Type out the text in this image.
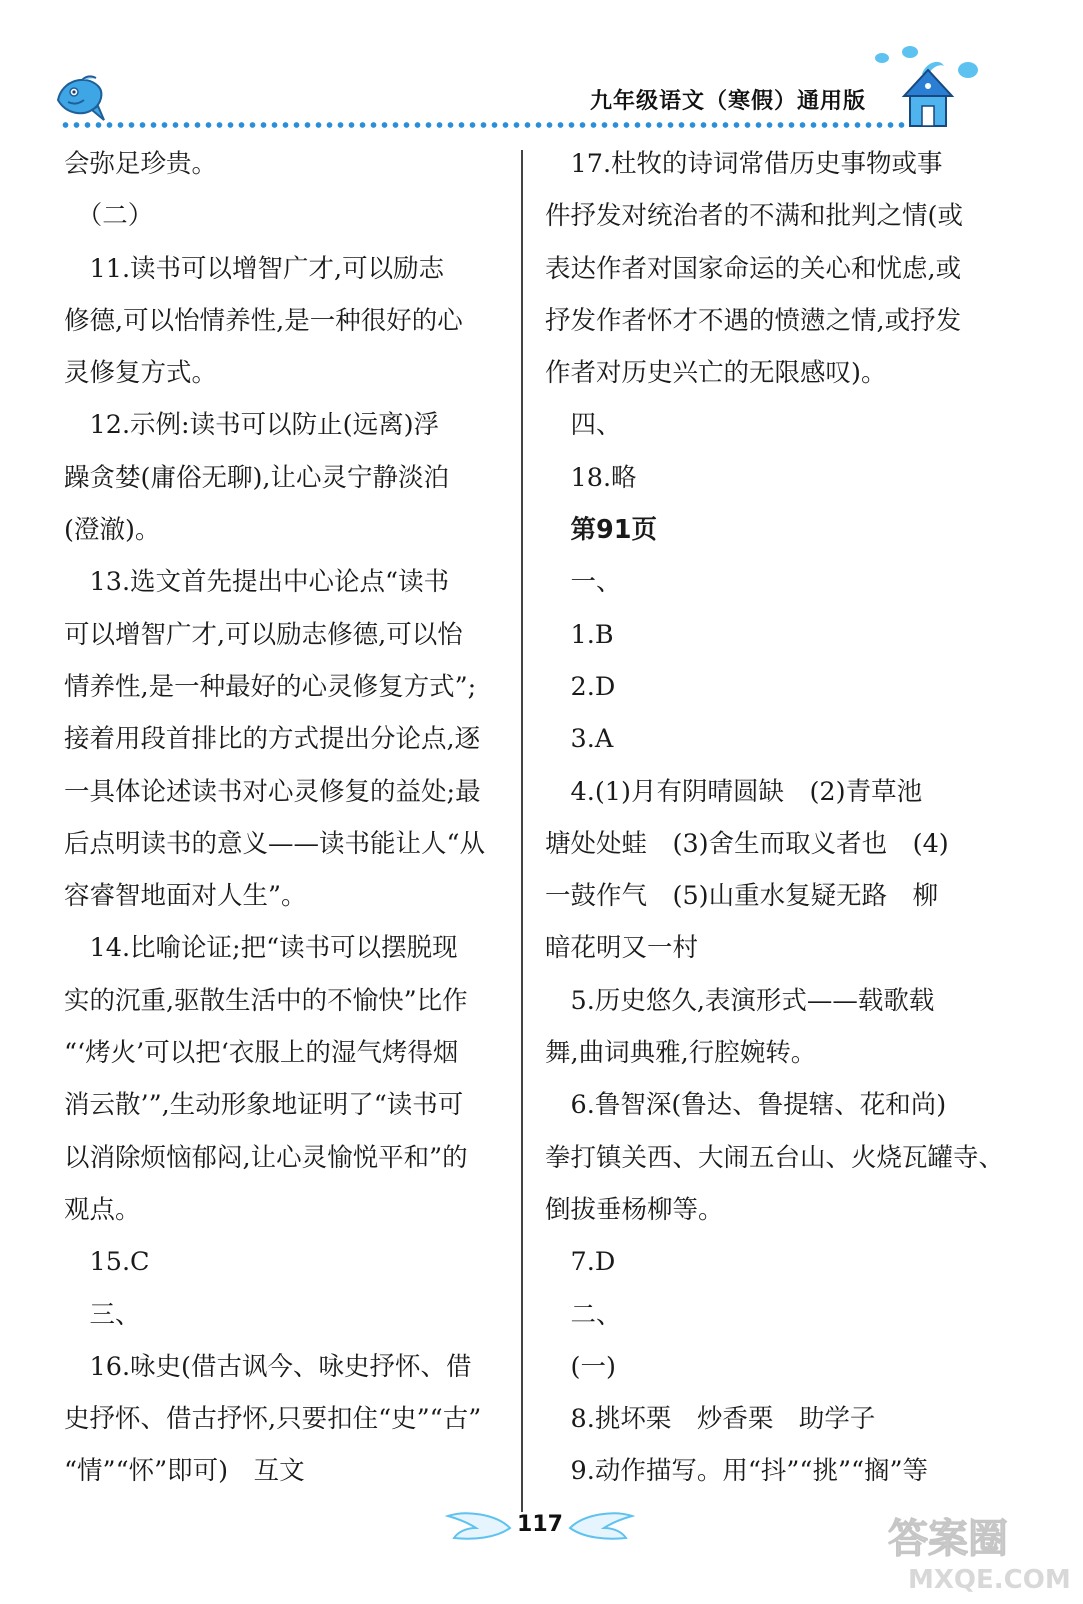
九年级语文（寒假）通用版
会弥足珍贵。
　（二）
　11.读书可以增智广才,可以励志
修德,可以怡情养性,是一种很好的心
灵修复方式。
　12.示例:读书可以防止(远离)浮
躁贪婪(庸俗无聊),让心灵宁静淡泊
(澄澈)。
　13.选文首先提出中心论点“读书
可以增智广才,可以励志修德,可以怡
情养性,是一种最好的心灵修复方式”;
接着用段首排比的方式提出分论点,逐
一具体论述读书对心灵修复的益处;最
后点明读书的意义——读书能让人“从
容睿智地面对人生”。
　14.比喻论证;把“读书可以摆脱现
实的沉重,驱散生活中的不愉快”比作
“‘烤火’可以把‘衣服上的湿气烤得烟
消云散’”,生动形象地证明了“读书可
以消除烦恼郁闷,让心灵愉悦平和”的
观点。
　15.C
　三、
　16.咏史(借古讽今、咏史抒怀、借
史抒怀、借古抒怀,只要扣住“史”“古”
“情”“怀”即可)　互文
　17.杜牧的诗词常借历史事物或事
件抒发对统治者的不满和批判之情(或
表达作者对国家命运的关心和忧虑,或
抒发作者怀才不遇的愤懑之情,或抒发
作者对历史兴亡的无限感叹)。
　四、
　18.略
　第91页
　一、
　1.B
　2.D
　3.A
　4.(1)月有阴晴圆缺　(2)青草池
塘处处蛙　(3)舍生而取义者也　(4)
一鼓作气　(5)山重水复疑无路　柳
暗花明又一村
　5.历史悠久,表演形式——载歌载
舞,曲词典雅,行腔婉转。
　6.鲁智深(鲁达、鲁提辖、花和尚)
拳打镇关西、大闹五台山、火烧瓦罐寺、
倒拔垂杨柳等。
　7.D
　二、
　(一)
　8.挑坏栗　炒香栗　助学子
　9.动作描写。用“抖”“挑”“搁”等
117	答案圈
MXQE.COM
